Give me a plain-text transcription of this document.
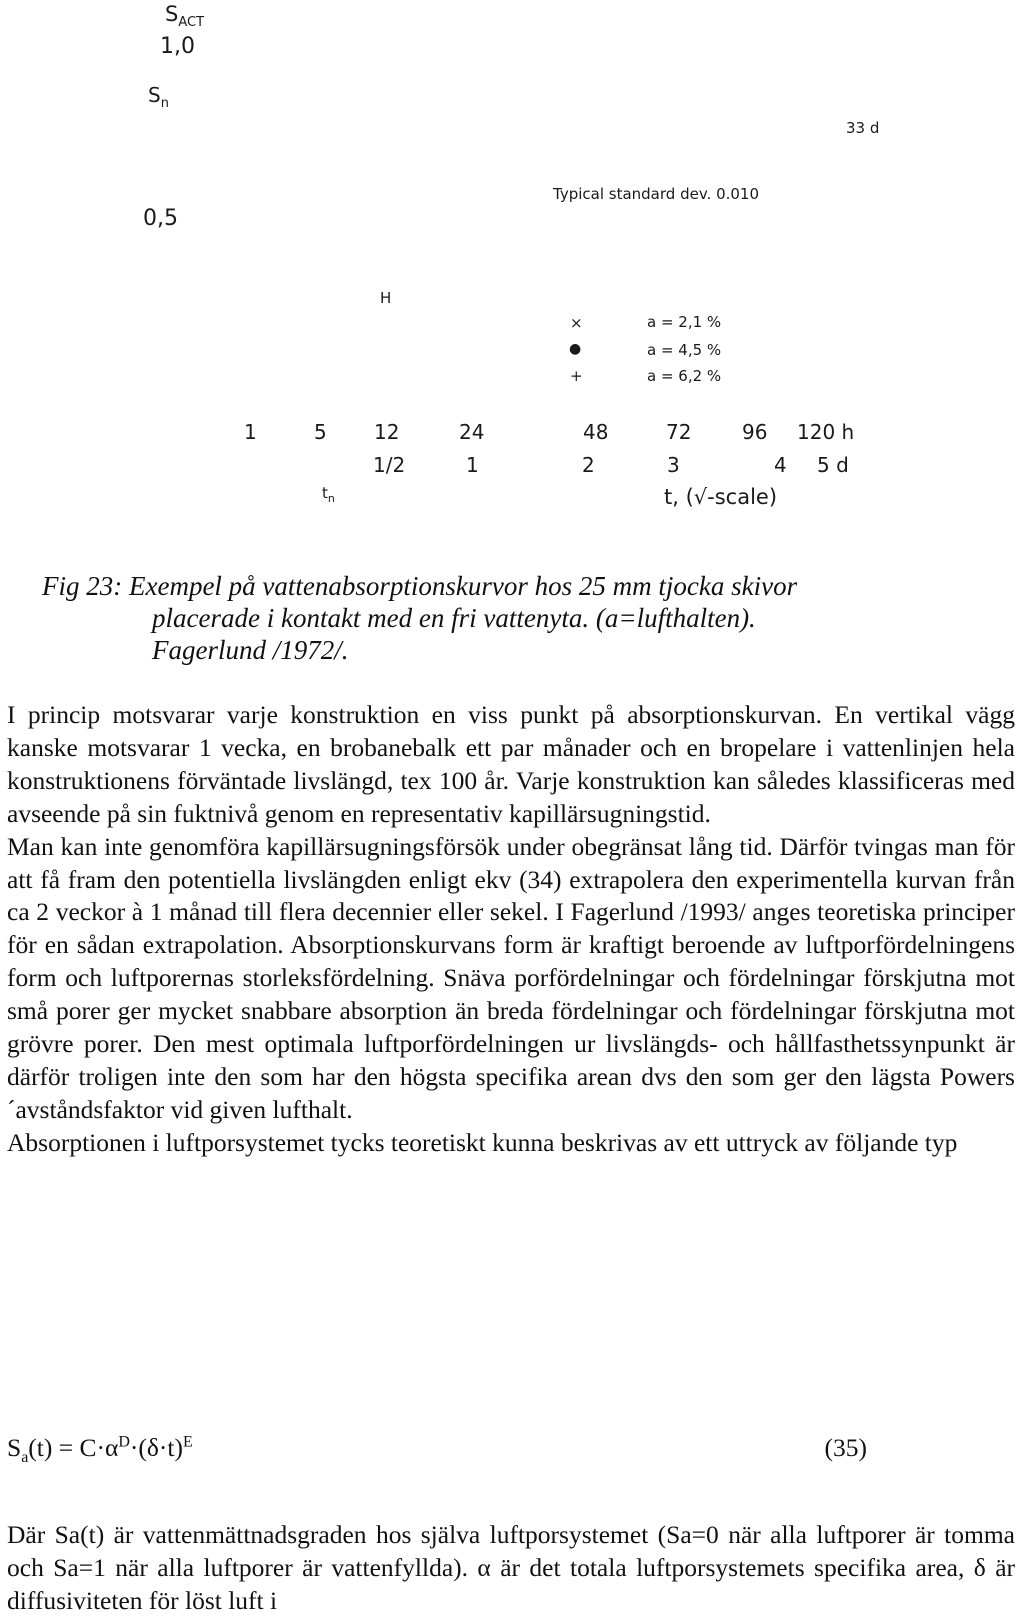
$S_{ACT}$
1,0
$S_n$
33 d
Typical standard dev. 0.010
0,5
H
×	a = 2,1 %
●	a = 4,5 %
+	a = 6,2 %
1	5 12	24	48	72	96 120 h
1/2	1	2	3	4 5 d
$t_n$	t, (√-scale)
Fig 23: Exempel på vattenabsorptionskurvor hos 25 mm tjocka skivor
placerade i kontakt med en fri vattenyta. (a=lufthalten).
Fagerlund /1972/.

I princip motsvarar varje konstruktion en viss punkt på absorptionskurvan. En vertikal vägg kanske motsvarar 1 vecka, en brobanebalk ett par månader och en bropelare i vattenlinjen hela konstruktionens förväntade livslängd, tex 100 år. Varje konstruktion kan således klassificeras med avseende på sin fuktnivå genom en representativ kapillärsugningstid.

Man kan inte genomföra kapillärsugningsförsök under obegränsat lång tid. Därför tvingas man för att få fram den potentiella livslängden enligt ekv (34) extrapolera den experimentella kurvan från ca 2 veckor à 1 månad till flera decennier eller sekel. I Fagerlund /1993/ anges teoretiska principer för en sådan extrapolation. Absorptionskurvans form är kraftigt beroende av luftporfördelningens form och luftporernas storleksfördelning. Snäva porfördelningar och fördelningar förskjutna mot små porer ger mycket snabbare absorption än breda fördelningar och fördelningar förskjutna mot grövre porer. Den mest optimala luftporfördelningen ur livslängds- och hållfasthetssynpunkt är därför troligen inte den som har den högsta specifika arean dvs den som ger den lägsta Powers´avståndsfaktor vid given lufthalt.

Absorptionen i luftporsystemet tycks teoretiskt kunna beskrivas av ett uttryck av följande typ

$S_a(t) = C\cdot\alpha^D\cdot(\delta\cdot t)^E$	(35)

Där Sa(t) är vattenmättnadsgraden hos själva luftporsystemet (Sa=0 när alla luftporer är tomma och Sa=1 när alla luftporer är vattenfyllda). α är det totala luftporsystemets specifika area, δ är diffusiviteten för löst luft i
